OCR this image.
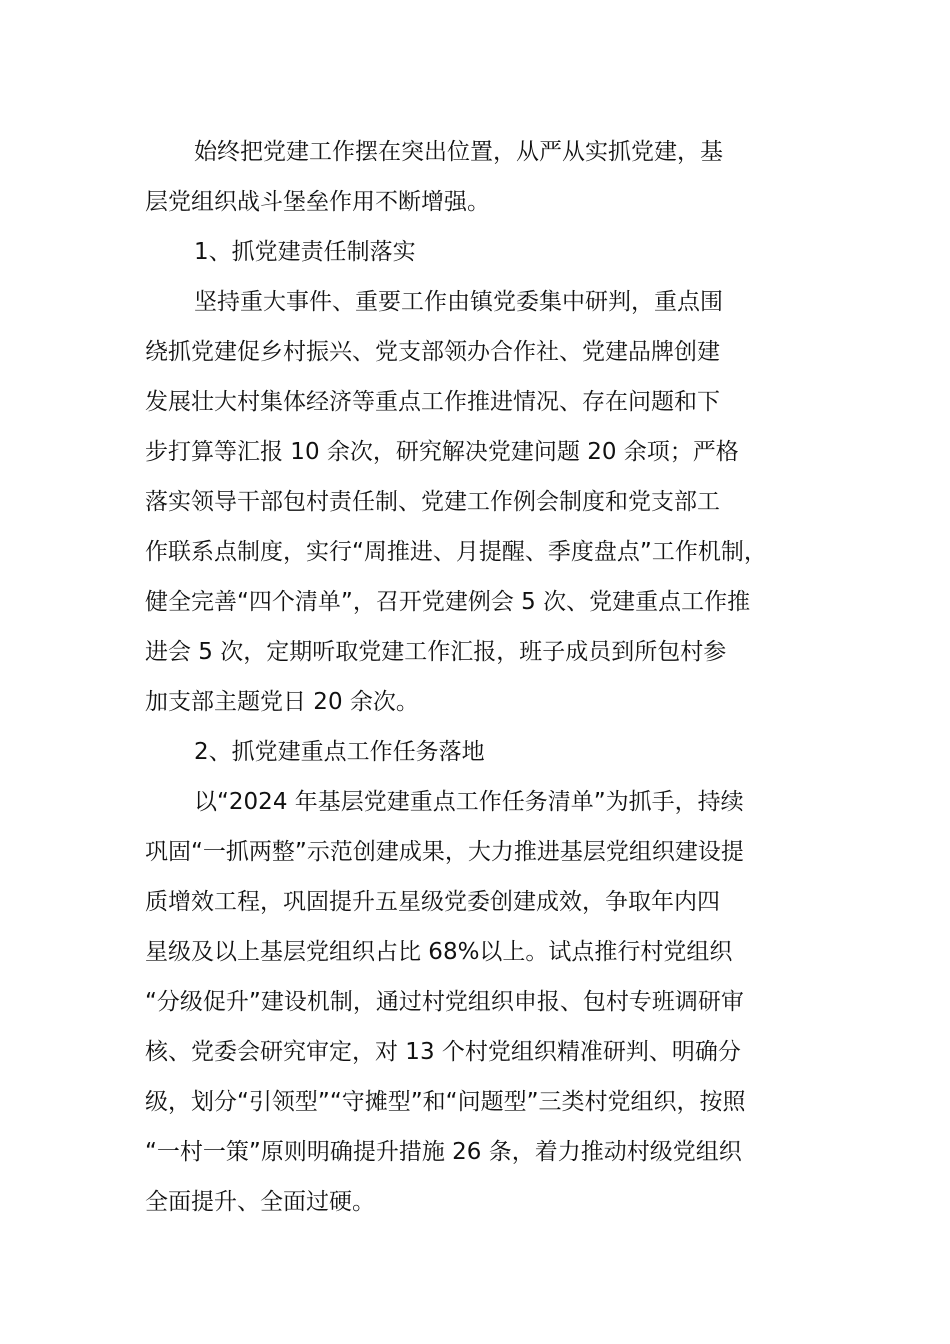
始终把党建工作摆在突出位置，从严从实抓党建，基
层党组织战斗堡垒作用不断增强。
1、抓党建责任制落实
坚持重大事件、重要工作由镇党委集中研判，重点围
绕抓党建促乡村振兴、党支部领办合作社、党建品牌创建
发展壮大村集体经济等重点工作推进情况、存在问题和下
步打算等汇报 10 余次，研究解决党建问题 20 余项；严格
落实领导干部包村责任制、党建工作例会制度和党支部工
作联系点制度，实行“周推进、月提醒、季度盘点”工作机制，
健全完善“四个清单”，召开党建例会 5 次、党建重点工作推
进会 5 次，定期听取党建工作汇报，班子成员到所包村参
加支部主题党日 20 余次。
2、抓党建重点工作任务落地
以“2024 年基层党建重点工作任务清单”为抓手，持续
巩固“一抓两整”示范创建成果，大力推进基层党组织建设提
质增效工程，巩固提升五星级党委创建成效，争取年内四
星级及以上基层党组织占比 68%以上。试点推行村党组织
“分级促升”建设机制，通过村党组织申报、包村专班调研审
核、党委会研究审定，对 13 个村党组织精准研判、明确分
级，划分“引领型”“守摊型”和“问题型”三类村党组织，按照
“一村一策”原则明确提升措施 26 条，着力推动村级党组织
全面提升、全面过硬。
